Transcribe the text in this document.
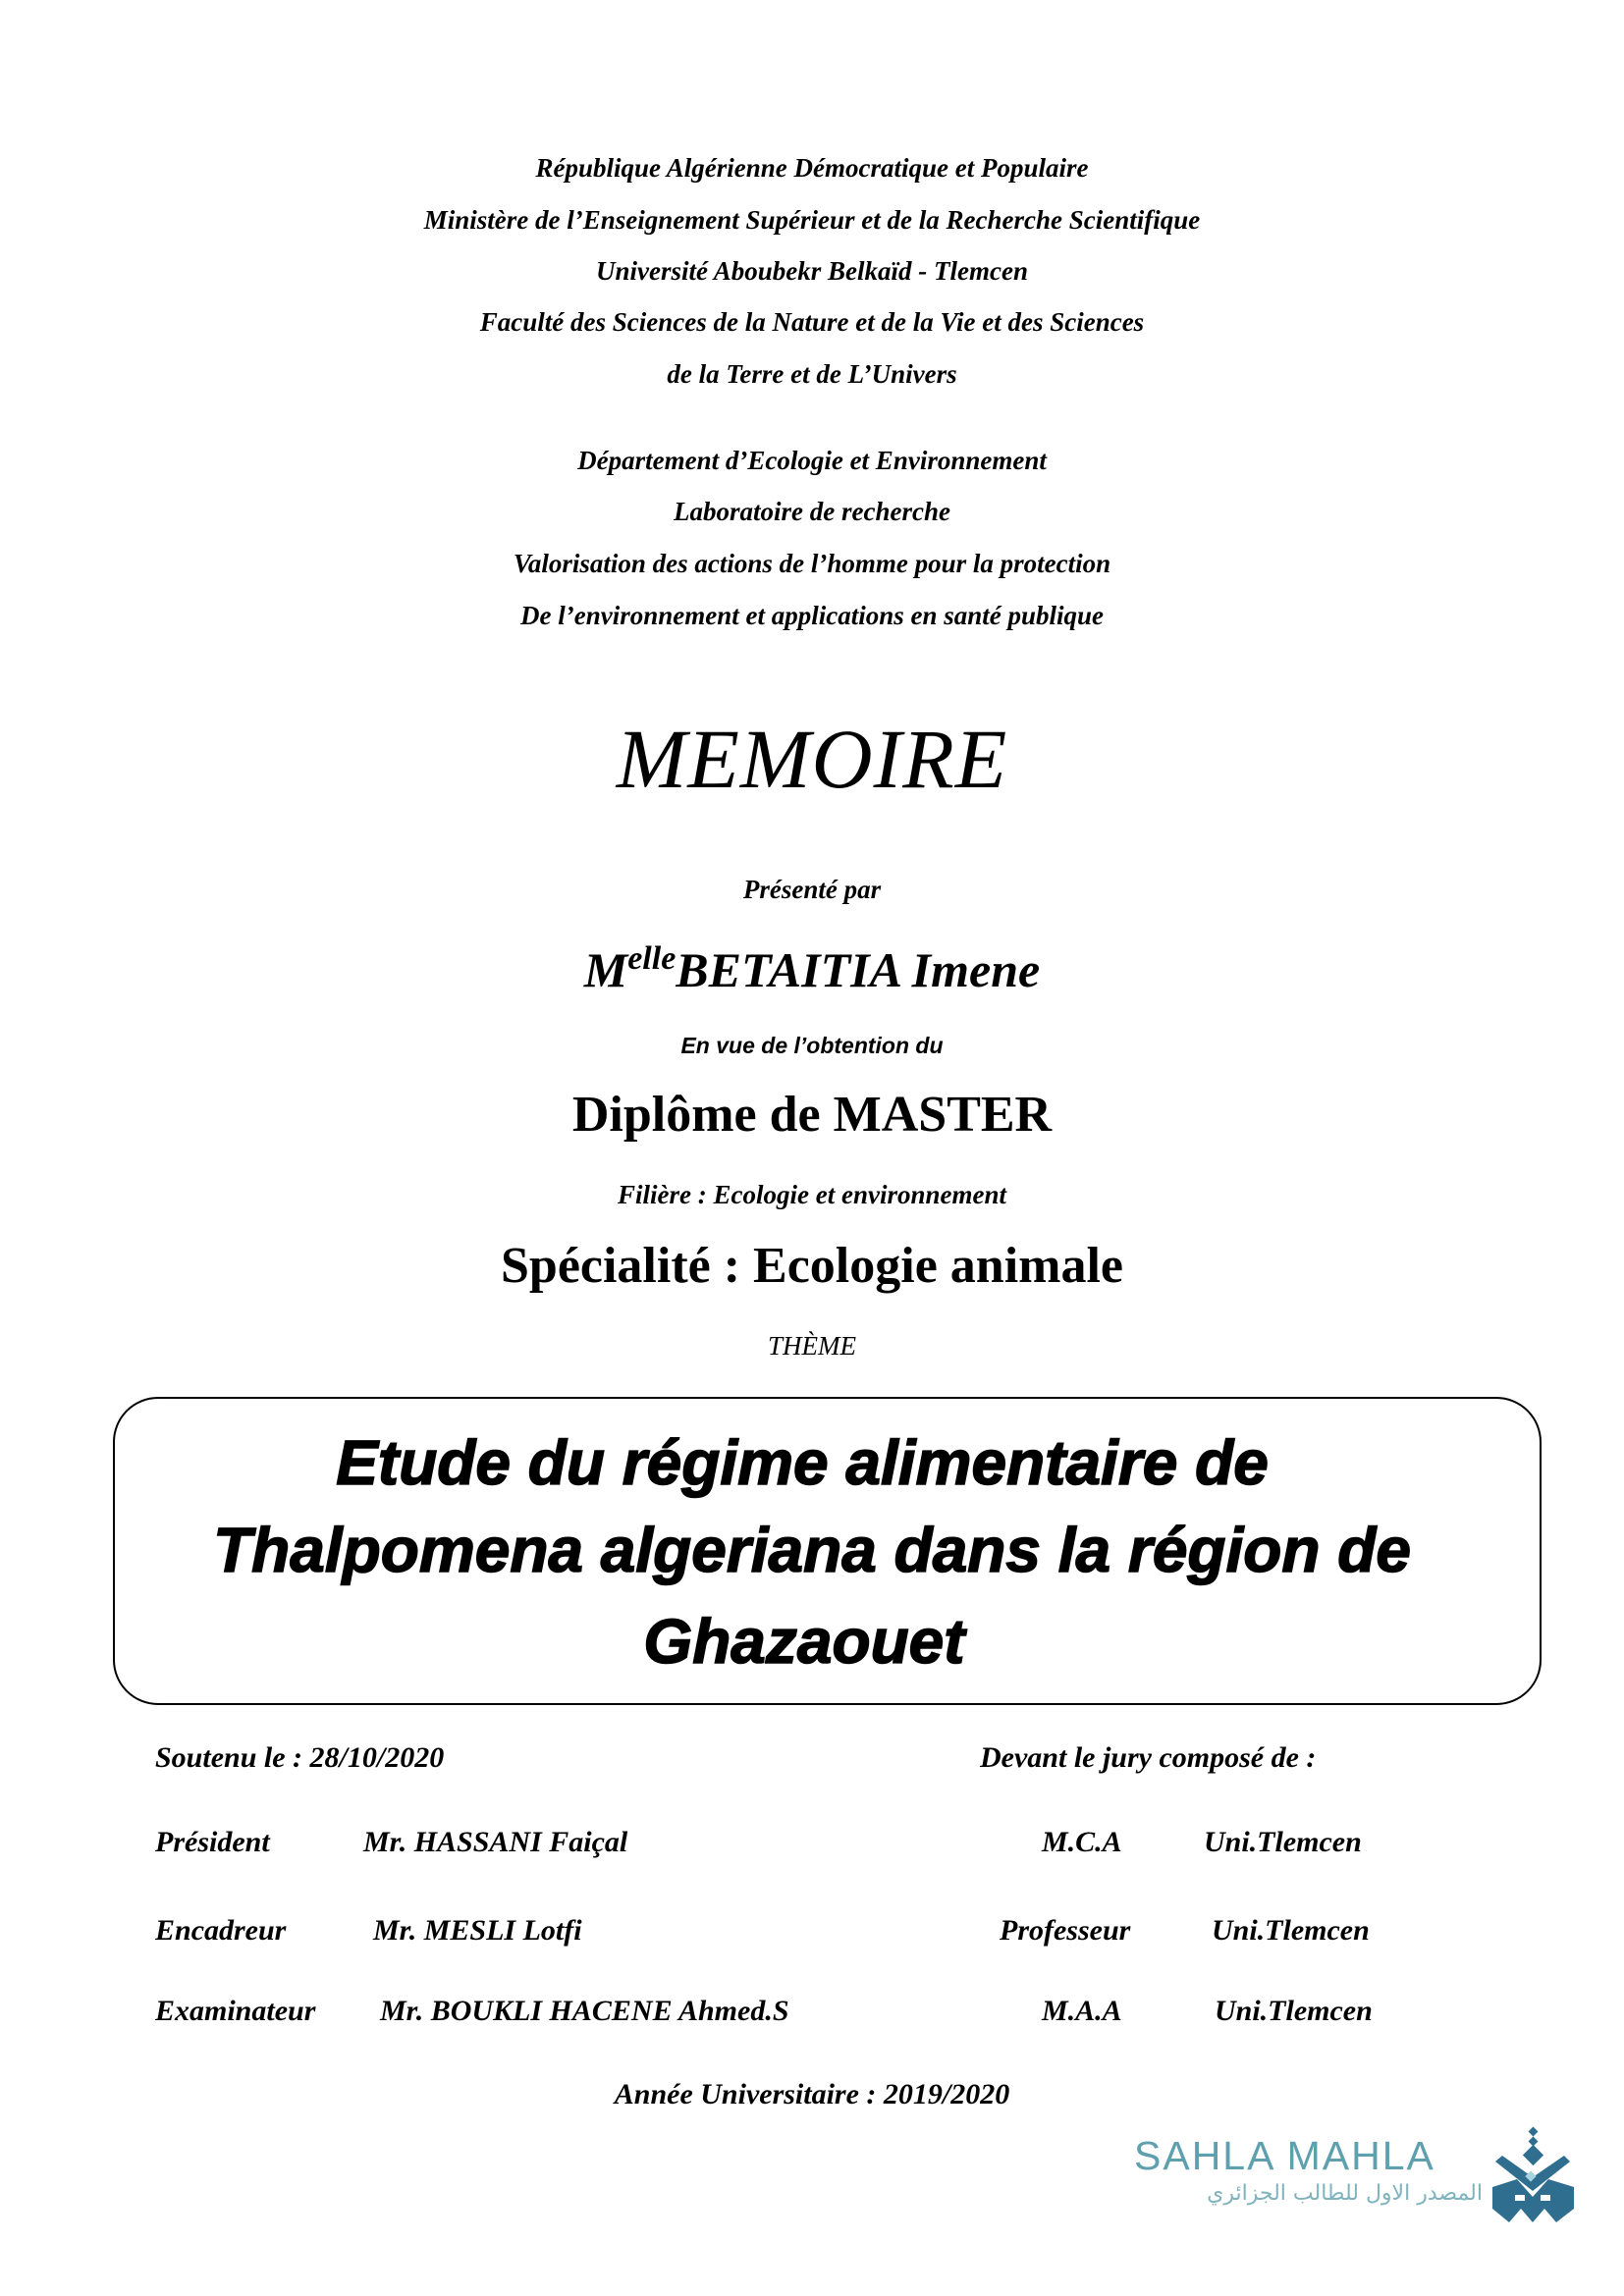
République Algérienne Démocratique et Populaire
Ministère de l’Enseignement Supérieur et de la Recherche Scientifique
Université Aboubekr Belkaïd - Tlemcen
Faculté des Sciences de la Nature et de la Vie et des Sciences
de la Terre et de L’Univers
Département d’Ecologie et Environnement
Laboratoire de recherche
Valorisation des actions de l’homme pour la protection
De l’environnement et applications en santé publique
MEMOIRE
Présenté par
$M^{elle}BETAITIA$ Imene
En vue de l’obtention du
Diplôme de MASTER
Filière : Ecologie et environnement
Spécialité : Ecologie animale
THÈME
Etude du régime alimentaire de
Thalpomena algeriana dans la région de
Ghazaouet
Soutenu le : 28/10/2020	Devant le jury composé de :
Président	Mr. HASSANI Faiçal	M.C.A	Uni.Tlemcen
Encadreur	Mr. MESLI Lotfi	Professeur	Uni.Tlemcen
Examinateur Mr. BOUKLI HACENE Ahmed.S	M.A.A	Uni.Tlemcen
Année Universitaire : 2019/2020
SAHLA MAHLA
المصدر الاول للطالب الجزائري
